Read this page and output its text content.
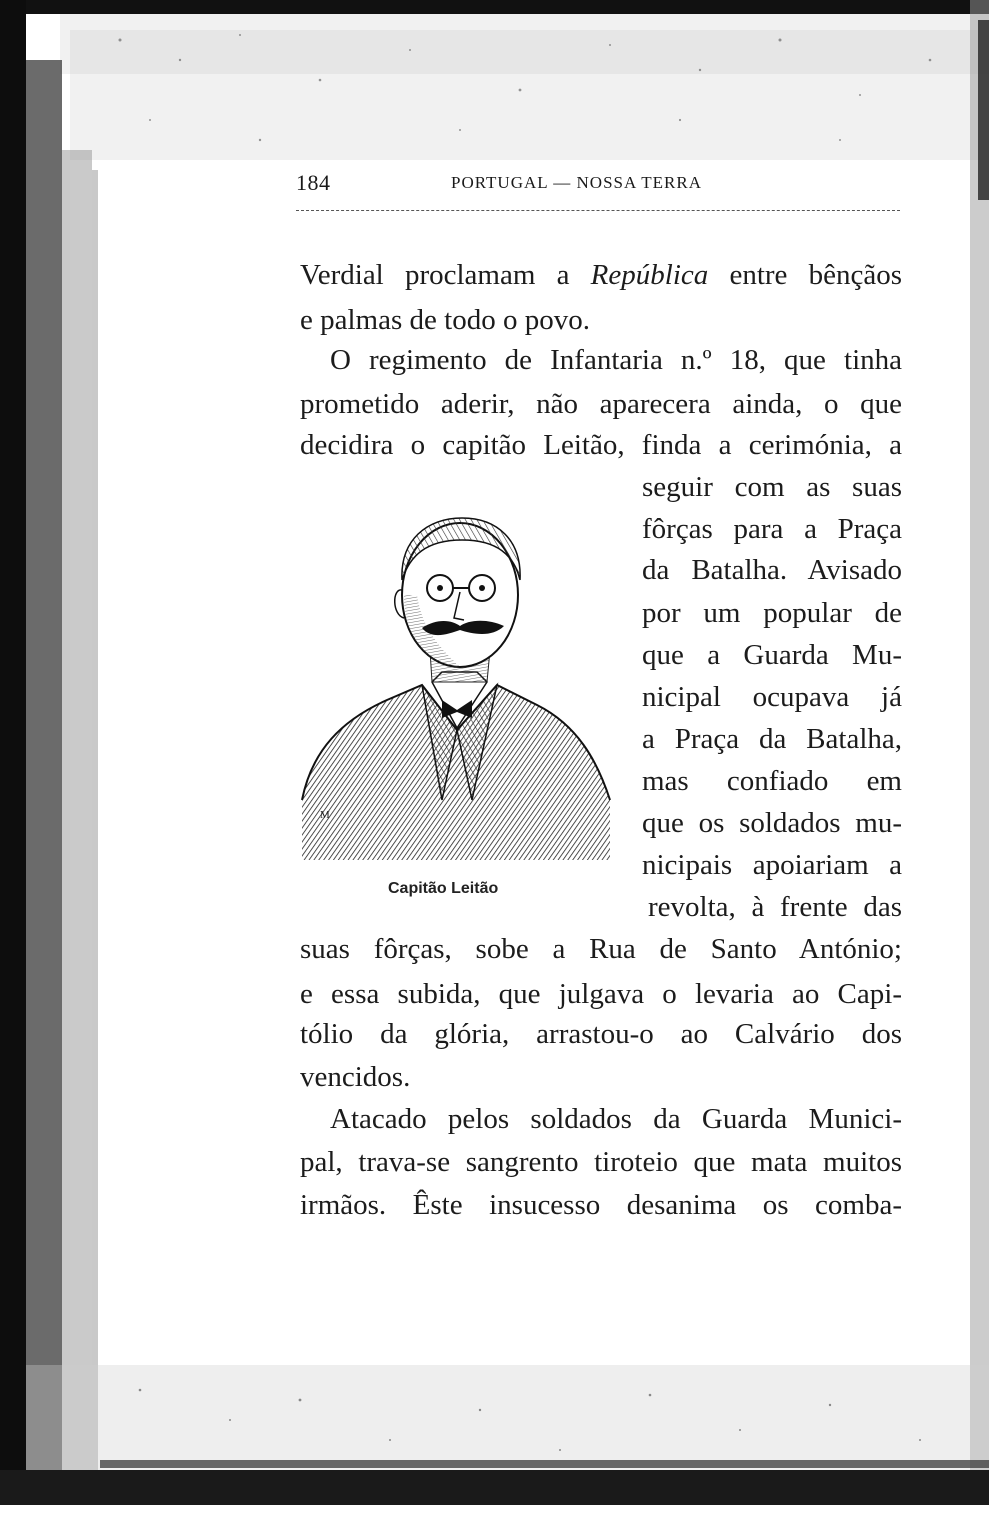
184	PORTUGAL — NOSSA TERRA
Verdial proclamam a República entre bênçãos
e palmas de todo o povo.
O regimento de Infantaria n.º 18, que tinha
prometido aderir, não aparecera ainda, o que
decidira o capitão Leitão, finda a cerimónia, a
seguir com as suas
fôrças para a Praça
da Batalha. Avisado
por um popular de
que a Guarda Mu-
nicipal ocupava já
a Praça da Batalha,
mas confiado em
que os soldados mu-
nicipais apoiariam a
revolta, à frente das
suas fôrças, sobe a Rua de Santo António;
e essa subida, que julgava o levaria ao Capi-
tólio da glória, arrastou-o ao Calvário dos
vencidos.
Atacado pelos soldados da Guarda Munici-
pal, trava-se sangrento tiroteio que mata muitos
irmãos. Êste insucesso desanima os comba-
M
Capitão Leitão
